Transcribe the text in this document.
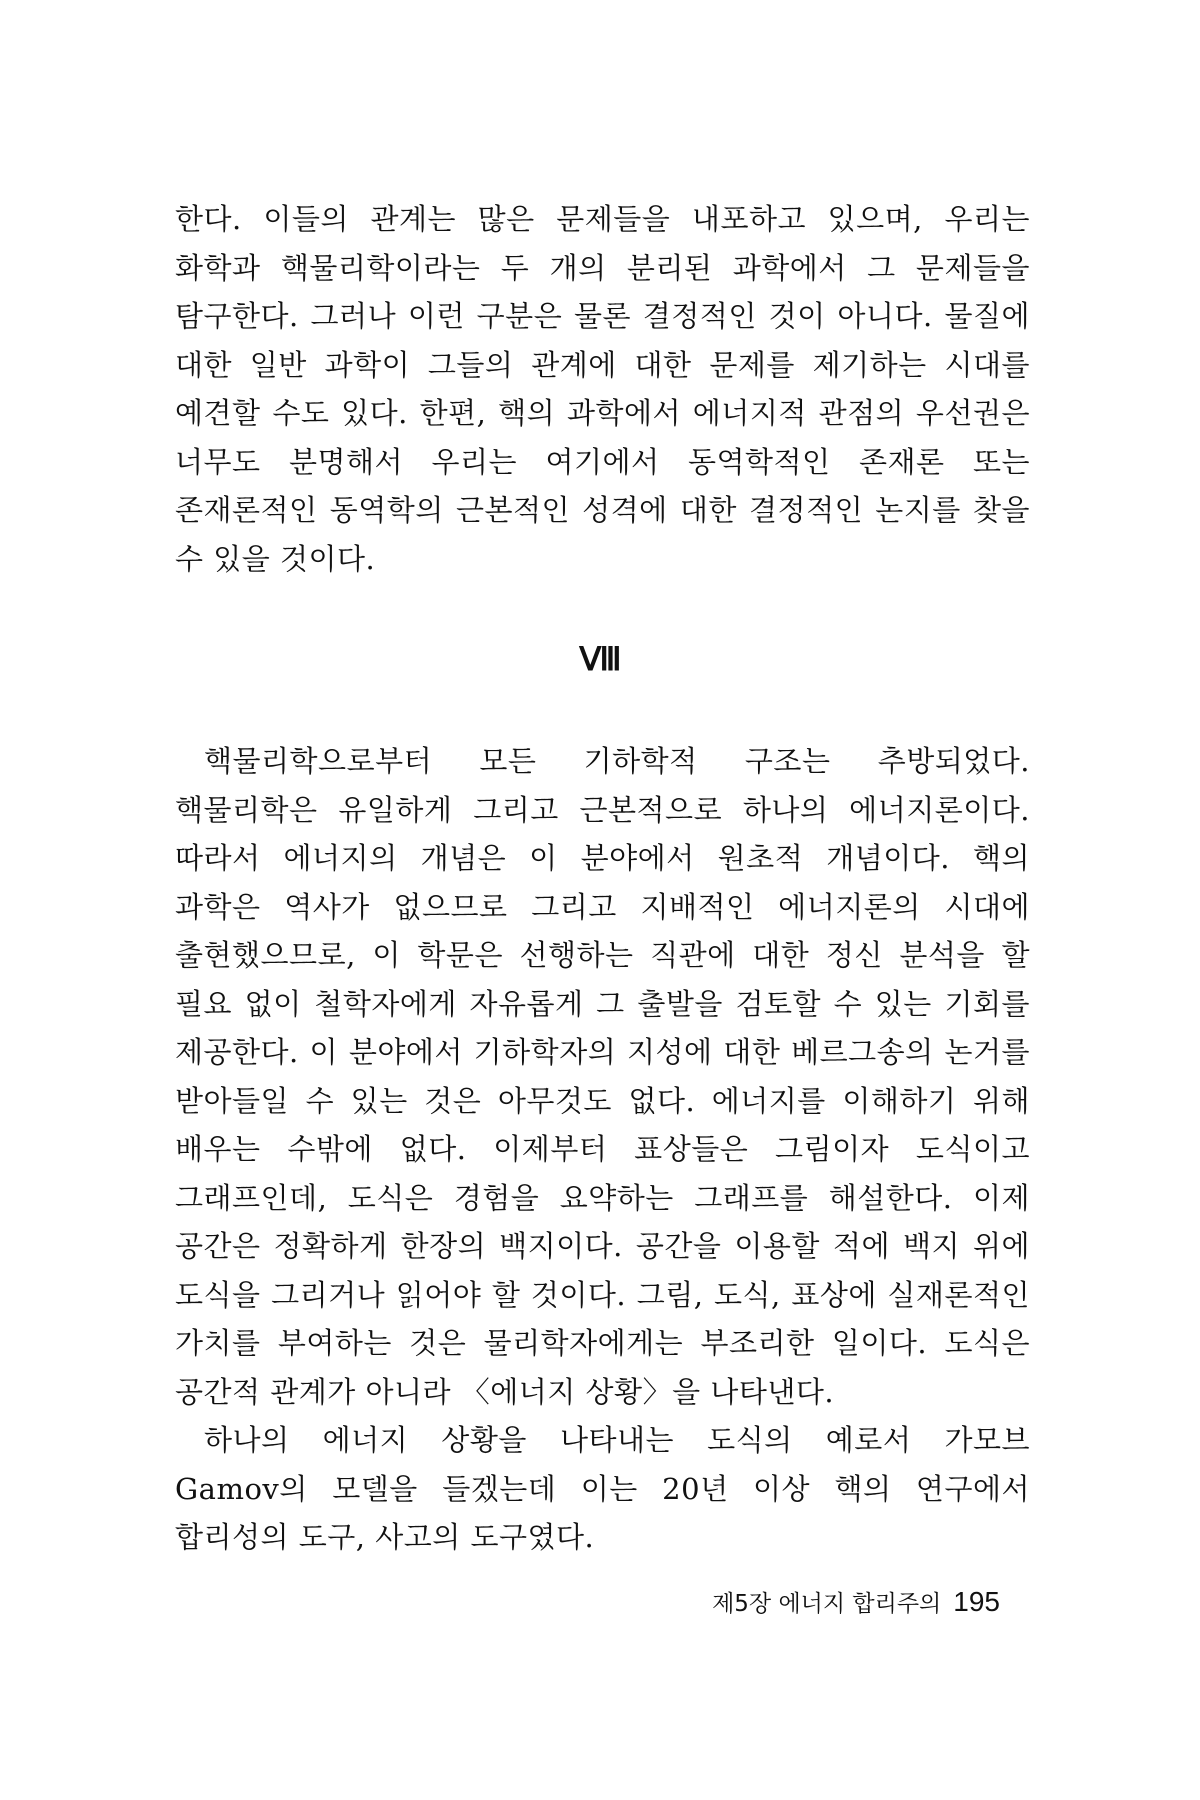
한다. 이들의 관계는 많은 문제들을 내포하고 있으며, 우리는 화학과 핵물리학이라는 두 개의 분리된 과학에서 그 문제들을 탐구한다. 그러나 이런 구분은 물론 결정적인 것이 아니다. 물질에 대한 일반 과학이 그들의 관계에 대한 문제를 제기하는 시대를 예견할 수도 있다. 한편, 핵의 과학에서 에너지적 관점의 우선권은 너무도 분명해서 우리는 여기에서 동역학적인 존재론 또는 존재론적인 동역학의 근본적인 성격에 대한 결정적인 논지를 찾을 수 있을 것이다.

Ⅷ

핵물리학으로부터 모든 기하학적 구조는 추방되었다. 핵물리학은 유일하게 그리고 근본적으로 하나의 에너지론이다. 따라서 에너지의 개념은 이 분야에서 원초적 개념이다. 핵의 과학은 역사가 없으므로 그리고 지배적인 에너지론의 시대에 출현했으므로, 이 학문은 선행하는 직관에 대한 정신 분석을 할 필요 없이 철학자에게 자유롭게 그 출발을 검토할 수 있는 기회를 제공한다. 이 분야에서 기하학자의 지성에 대한 베르그송의 논거를 받아들일 수 있는 것은 아무것도 없다. 에너지를 이해하기 위해 배우는 수밖에 없다. 이제부터 표상들은 그림이자 도식이고 그래프인데, 도식은 경험을 요약하는 그래프를 해설한다. 이제 공간은 정확하게 한장의 백지이다. 공간을 이용할 적에 백지 위에 도식을 그리거나 읽어야 할 것이다. 그림, 도식, 표상에 실재론적인 가치를 부여하는 것은 물리학자에게는 부조리한 일이다. 도식은 공간적 관계가 아니라 〈에너지 상황〉을 나타낸다.

하나의 에너지 상황을 나타내는 도식의 예로서 가모브 Gamov의 모델을 들겠는데 이는 20년 이상 핵의 연구에서 합리성의 도구, 사고의 도구였다.

제5장 에너지 합리주의 195
